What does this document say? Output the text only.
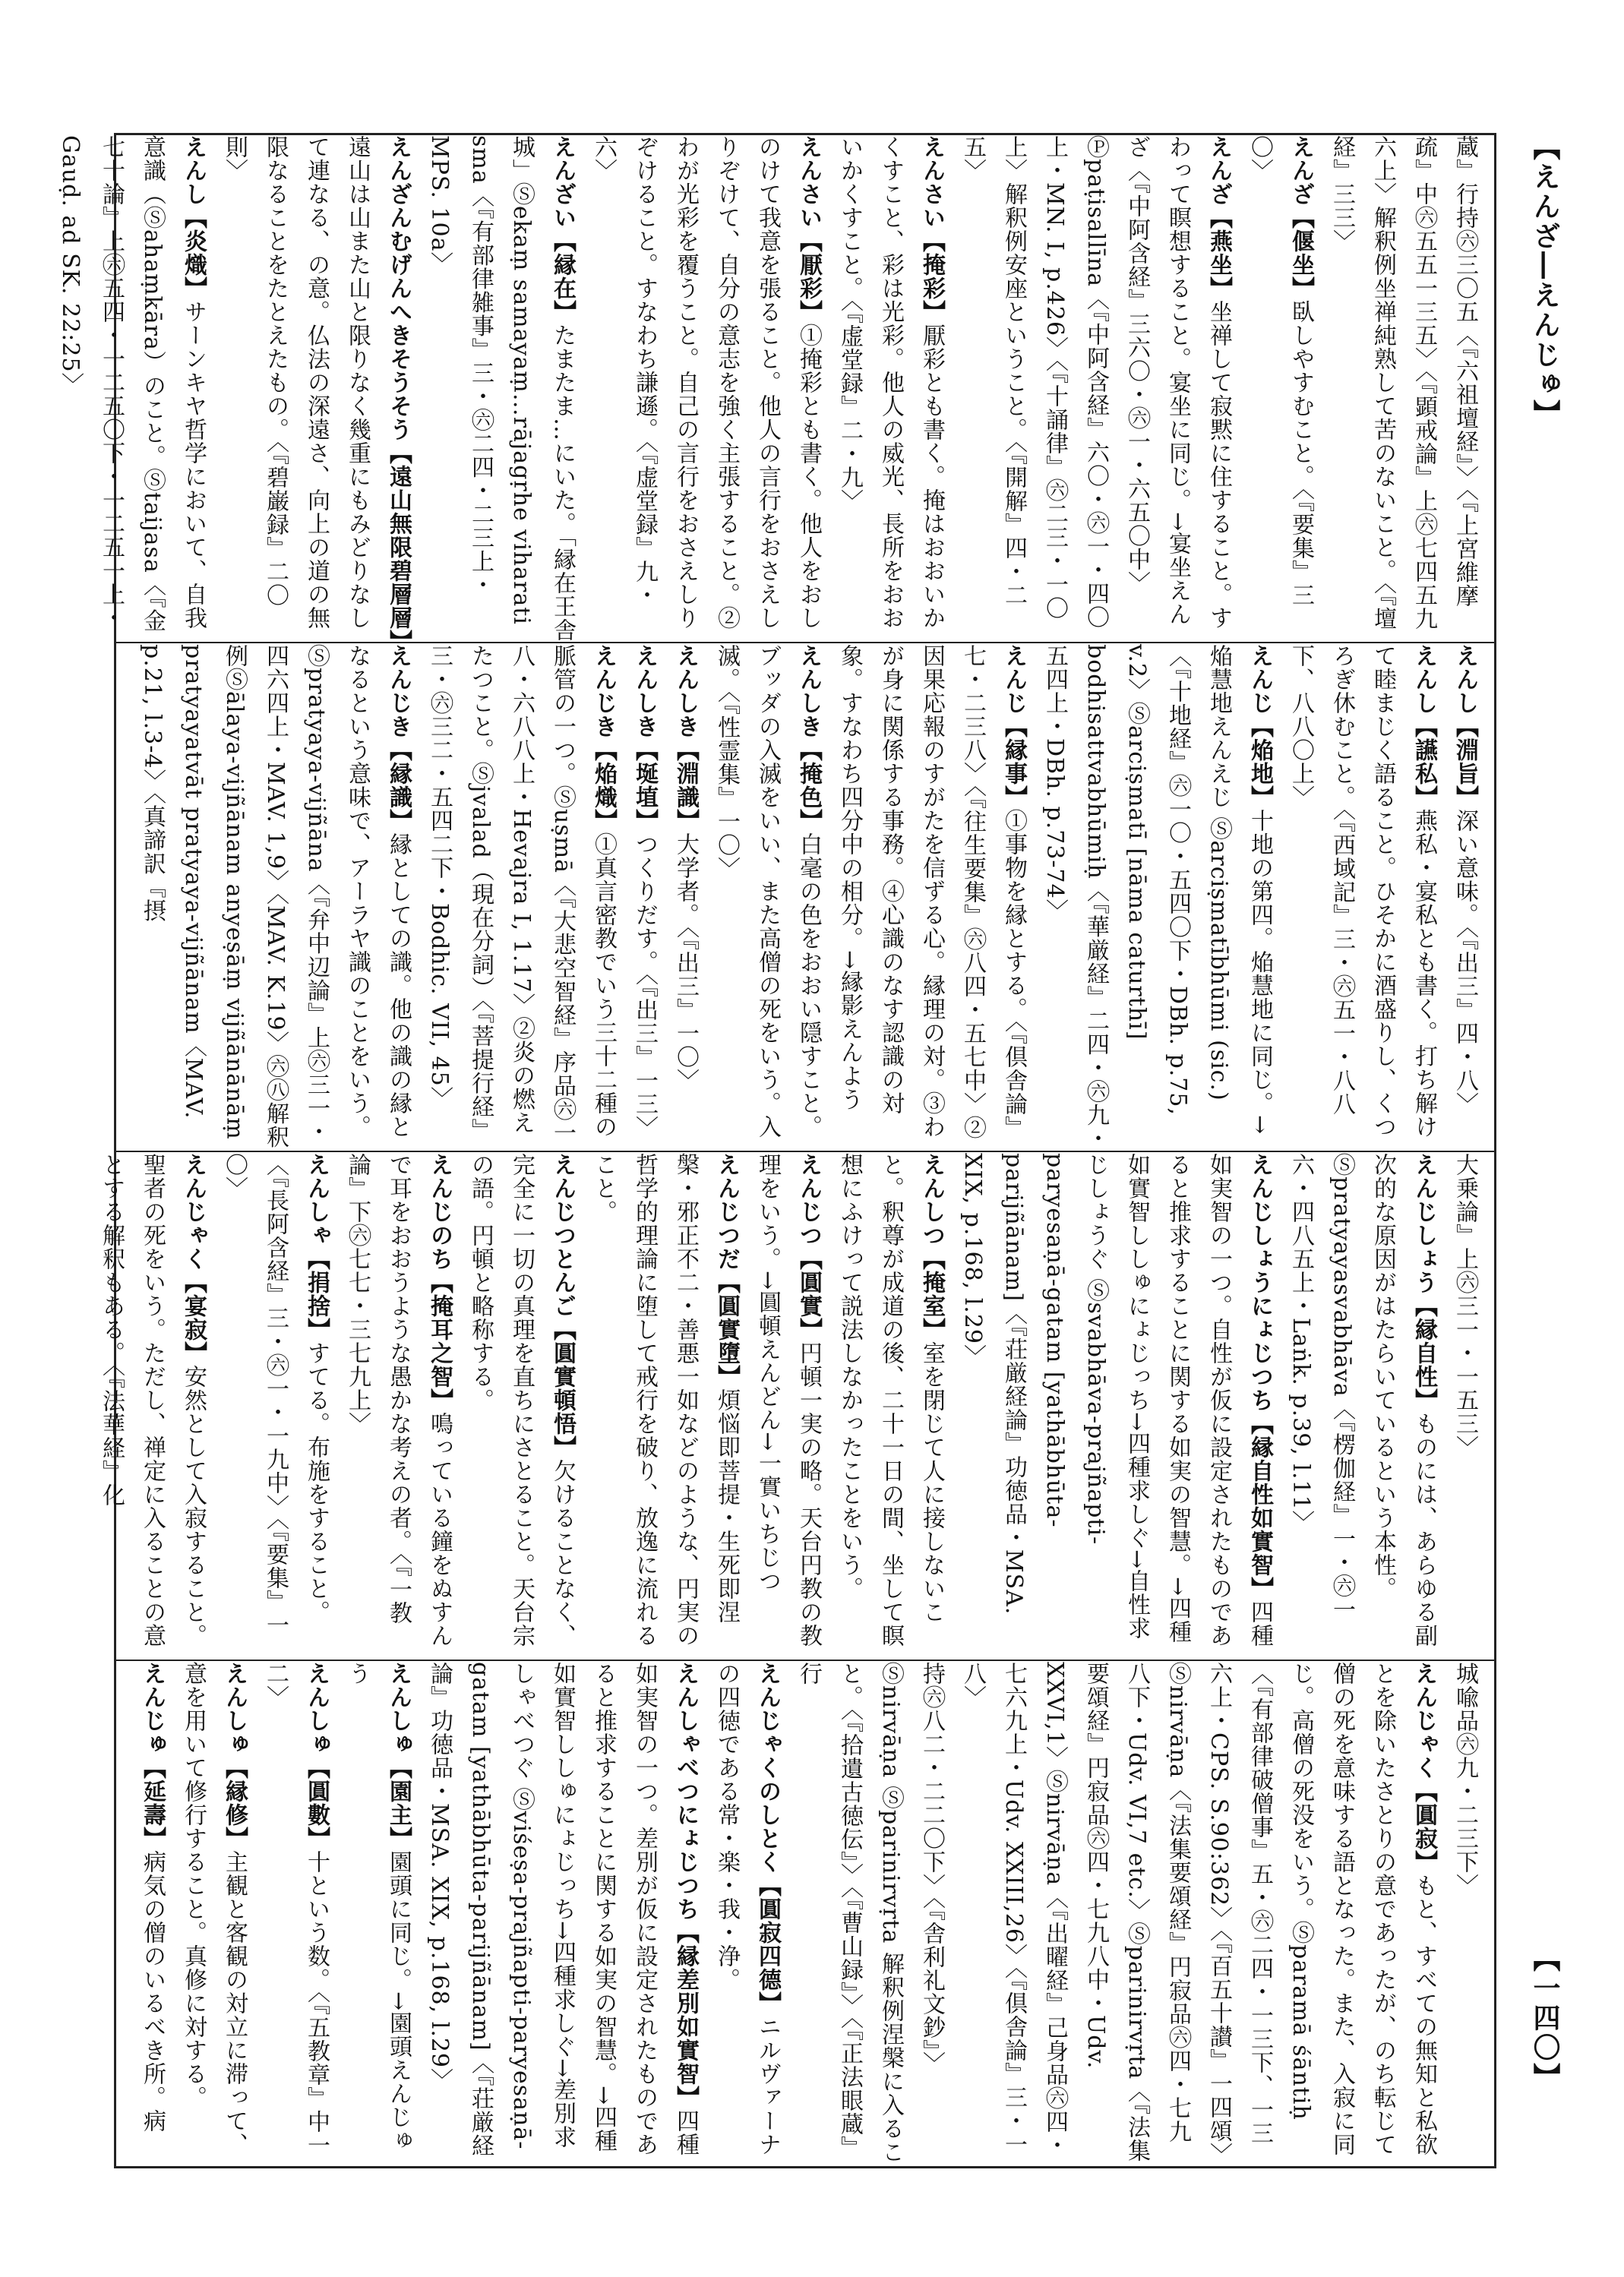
【えんざ―えんじゅ】
【一四〇】
蔵』行持㊅三〇五〈『六祖壇経』〉〈『上宮維摩疏』中㊅五五一三五〉〈『顕戒論』上㊅七四五九六上〉解釈例坐禅純熟して苦のないこと。〈『壇経』三三〉
えんざ【偃坐】臥しやすむこと。〈『要集』三〇〉
えんざ【燕坐】坐禅して寂黙に住すること。すわって瞑想すること。宴坐に同じ。→宴坐えんざ〈『中阿含経』三六〇・㊅一・六五〇中〉Ⓟpaṭisallīna〈『中阿含経』六〇・㊅一・四〇上・MN. I, p.426〉〈『十誦律』㊅二三・一〇上〉解釈例安座ということ。〈『開解』四・二五〉
えんさい【掩彩】厭彩とも書く。掩はおおいかくすこと、彩は光彩。他人の威光、長所をおおいかくすこと。〈『虚堂録』二・九〉
えんさい【厭彩】①掩彩とも書く。他人をおしのけて我意を張ること。他人の言行をおさえしりぞけて、自分の意志を強く主張すること。②わが光彩を覆うこと。自己の言行をおさえしりぞけること。すなわち謙遜。〈『虚堂録』九・六〉
えんざい【縁在】たまたま…にいた。「縁在王舎城」Ⓢekaṃ samayaṃ…rājagṛhe viharati sma〈『有部律雑事』三・㊅二四・二三上・MPS. 10a〉
えんざんむげんへきそうそう【遠山無限碧層層】遠山は山また山と限りなく幾重にもみどりなして連なる、の意。仏法の深遠さ、向上の道の無限なることをたとえたもの。〈『碧巌録』二〇則〉
えんし【炎熾】サーンキヤ哲学において、自我意識（Ⓢahaṃkāra）のこと。Ⓢtaijasa〈『金七十論』上㊅五四・一二五〇下・一二五一上・Gauḍ. ad SK. 22:25〉
えんし【淵旨】深い意味。〈『出三』四・八〉
えんし【讌私】燕私・宴私とも書く。打ち解けて睦まじく語ること。ひそかに酒盛りし、くつろぎ休むこと。〈『西域記』三・㊅五一・八八下、八八〇上〉
えんじ【焔地】十地の第四。焔慧地に同じ。→焔慧地えんえじ Ⓢarciṣmatībhūmi (sic.)〈『十地経』㊅一〇・五四〇下・DBh. p.75, v.2〉Ⓢarciṣmatī [nāma caturthī] bodhisattvabhūmiḥ〈『華厳経』二四・㊅九・五四上・DBh. p.73-74〉
えんじ【縁事】①事物を縁とする。〈『倶舎論』七・二三八〉〈『往生要集』㊅八四・五七中〉②因果応報のすがたを信ずる心。縁理の対。③わが身に関係する事務。④心識のなす認識の対象。すなわち四分中の相分。→縁影えんよう
えんしき【掩色】白毫の色をおおい隠すこと。ブッダの入滅をいい、また高僧の死をいう。入滅。〈『性霊集』一〇〉
えんしき【淵識】大学者。〈『出三』一〇〉
えんしき【埏埴】つくりだす。〈『出三』一三〉
えんじき【焔熾】①真言密教でいう三十二種の脈管の一つ。Ⓢuṣmā〈『大悲空智経』序品㊅一八・六八八上・Hevajra I, 1.17〉②炎の燃えたつこと。Ⓢjvalad（現在分詞）〈『菩提行経』三・㊅三二・五四二下・Bodhic. VII, 45〉
えんじき【縁識】縁としての識。他の識の縁となるという意味で、アーラヤ識のことをいう。Ⓢpratyaya-vijñāna〈『弁中辺論』上㊅三一・四六四上・MAV. 1,9〉〈MAV. K.19〉㊅㊇解釈例Ⓢālaya-vijñānam anyeṣāṃ vijñānānāṃ pratyayatvāt pratyaya-vijñānam〈MAV. p.21, l.3-4〉〈真諦訳『摂
大乗論』上㊅三一・一五三〉
えんじしょう【縁自性】ものには、あらゆる副次的な原因がはたらいているという本性。Ⓢpratyayasvabhāva〈『楞伽経』一・㊅一六・四八五上・Laṅk. p.39, l.11〉
えんじしょうにょじつち【縁自性如實智】四種如実智の一つ。自性が仮に設定されたものであると推求することに関する如実の智慧。→四種如實智ししゅにょじっち→四種求しぐ→自性求じしょうぐ Ⓢsvabhāva-prajñapti-paryesaṇā-gatam [yathābhūta-parijñānam]〈『荘厳経論』功徳品・MSA. XIX, p.168, l.29〉
えんしつ【掩室】室を閉じて人に接しないこと。釈尊が成道の後、二十一日の間、坐して瞑想にふけって説法しなかったことをいう。
えんじつ【圓實】円頓一実の略。天台円教の教理をいう。→圓頓えんどん→一實いちじつ
えんじつだ【圓實墮】煩悩即菩提・生死即涅槃・邪正不二・善悪一如などのような、円実の哲学的理論に堕して戒行を破り、放逸に流れること。
えんじつとんご【圓實頓悟】欠けることなく、完全に一切の真理を直ちにさとること。天台宗の語。円頓と略称する。
えんじのち【掩耳之智】鳴っている鐘をぬすんで耳をおおうような愚かな考えの者。〈『一教論』下㊅七七・三七九上〉
えんしゃ【捐捨】すてる。布施をすること。〈『長阿含経』三・㊅一・一九中〉〈『要集』一〇〉
えんじゃく【宴寂】安然として入寂すること。聖者の死をいう。ただし、禅定に入ることの意とする解釈もある。〈『法華経』化
城喩品㊅九・二三下〉
えんじゃく【圓寂】もと、すべての無知と私欲とを除いたさとりの意であったが、のち転じて僧の死を意味する語となった。また、入寂に同じ。高僧の死没をいう。Ⓢparamā śāntiḥ〈『有部律破僧事』五・㊅二四・一三下、一三六上・CPS. S.90:362〉〈『百五十讃』一四頌〉Ⓢnirvāṇa〈『法集要頌経』円寂品㊅四・七九八下・Udv. VI,7 etc.〉Ⓢparinirvṛta〈『法集要頌経』円寂品㊅四・七九八中・Udv. XXVI,1〉Ⓢnirvāṇa〈『出曜経』己身品㊅四・七六九上・Udv. XXIII,26〉〈『倶舎論』三・一八〉
持㊅八二・二二〇下〉〈『舎利礼文鈔』〉Ⓢnirvāṇa Ⓢparinirvṛta 解釈例涅槃に入ること。〈『拾遺古徳伝』〉〈『曹山録』〉〈『正法眼蔵』行
えんじゃくのしとく【圓寂四德】ニルヴァーナの四徳である常・楽・我・浄。
えんしゃべつにょじつち【縁差別如實智】四種如実智の一つ。差別が仮に設定されたものであると推求することに関する如実の智慧。→四種如實智ししゅにょじっち→四種求しぐ→差別求しゃべつぐ Ⓢviśeṣa-prajñapti-paryesaṇā-gatam [yathābhūta-parijñānam]〈『荘厳経論』功徳品・MSA. XIX, p.168, l.29〉
えんしゅ【園主】園頭に同じ。→園頭えんじゅう
えんしゅ【圓數】十という数。〈『五教章』中一二〉
えんしゅ【縁修】主観と客観の対立に滞って、意を用いて修行すること。真修に対する。
えんじゅ【延壽】病気の僧のいるべき所。病
